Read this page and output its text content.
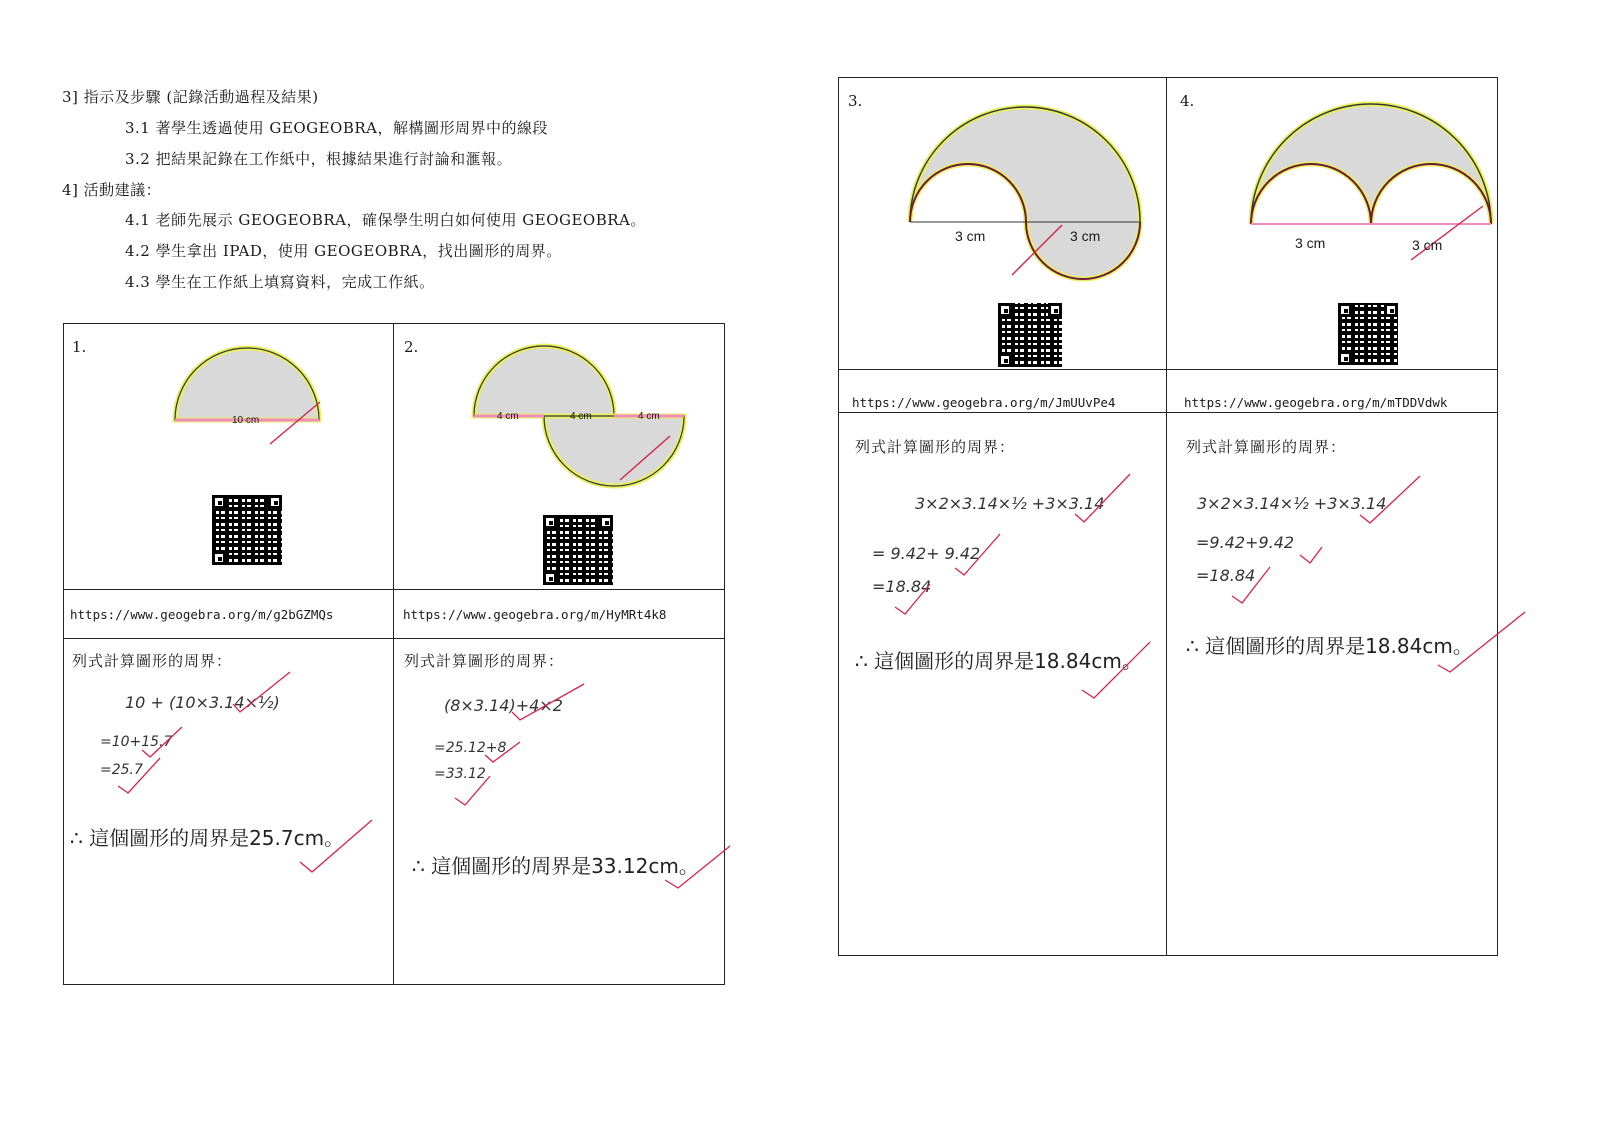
3] 指示及步驟 (記錄活動過程及結果)
3.1 著學生透過使用 GEOGEOBRA，解構圖形周界中的線段
3.2 把結果記錄在工作紙中，根據結果進行討論和滙報。
4] 活動建議：
4.1 老師先展示 GEOGEOBRA，確保學生明白如何使用 GEOGEOBRA。
4.2 學生拿出 IPAD，使用 GEOGEOBRA，找出圖形的周界。
4.3 學生在工作紙上填寫資料，完成工作紙。
1.
10 cm
https://www.geogebra.org/m/g2bGZMQs
列式計算圖形的周界：
10 + (10×3.14×½)
=10+15.7
=25.7
∴ 這個圖形的周界是25.7cm。
2.
4 cm	4 cm	4 cm
https://www.geogebra.org/m/HyMRt4k8
列式計算圖形的周界：
(8×3.14)+4×2
=25.12+8
=33.12
∴ 這個圖形的周界是33.12cm。
3.
3 cm	3 cm
https://www.geogebra.org/m/JmUUvPe4
列式計算圖形的周界：
3×2×3.14×½ +3×3.14
= 9.42+ 9.42
=18.84
∴ 這個圖形的周界是18.84cm。
4.
3 cm	3 cm
https://www.geogebra.org/m/mTDDVdwk
列式計算圖形的周界：
3×2×3.14×½ +3×3.14
=9.42+9.42
=18.84
∴ 這個圖形的周界是18.84cm。
